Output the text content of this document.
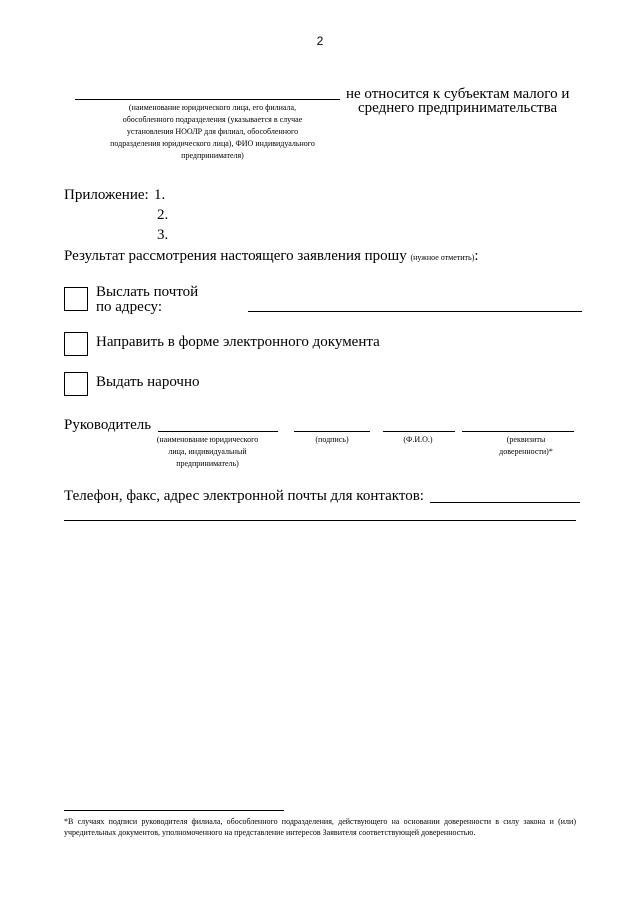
2
не относится к субъектам малого и
среднего предпринимательства
(наименование юридического лица, его филиала,
обособленного подразделения (указывается в случае
установления НООЛР для филиал, обособленного
подразделения юридического лица), ФИО индивидуального
предпринимателя)
Приложение: 1.
2.
3.
Результат рассмотрения настоящего заявления прошу (нужное отметить):
Выслать почтой
по адресу:
Направить в форме электронного документа
Выдать нарочно
Руководитель
(наименование юридического
лица, индивидуальный
предприниматель)
(подпись)	(Ф.И.О.)	(реквизиты
доверенности)*
Телефон, факс, адрес электронной почты для контактов:
*В случаях подписи руководителя филиала, обособленного подразделения, действующего на основании доверенности в силу закона и (или) учредительных документов, уполномоченного на представление интересов Заявителя соответствующей доверенностью.
